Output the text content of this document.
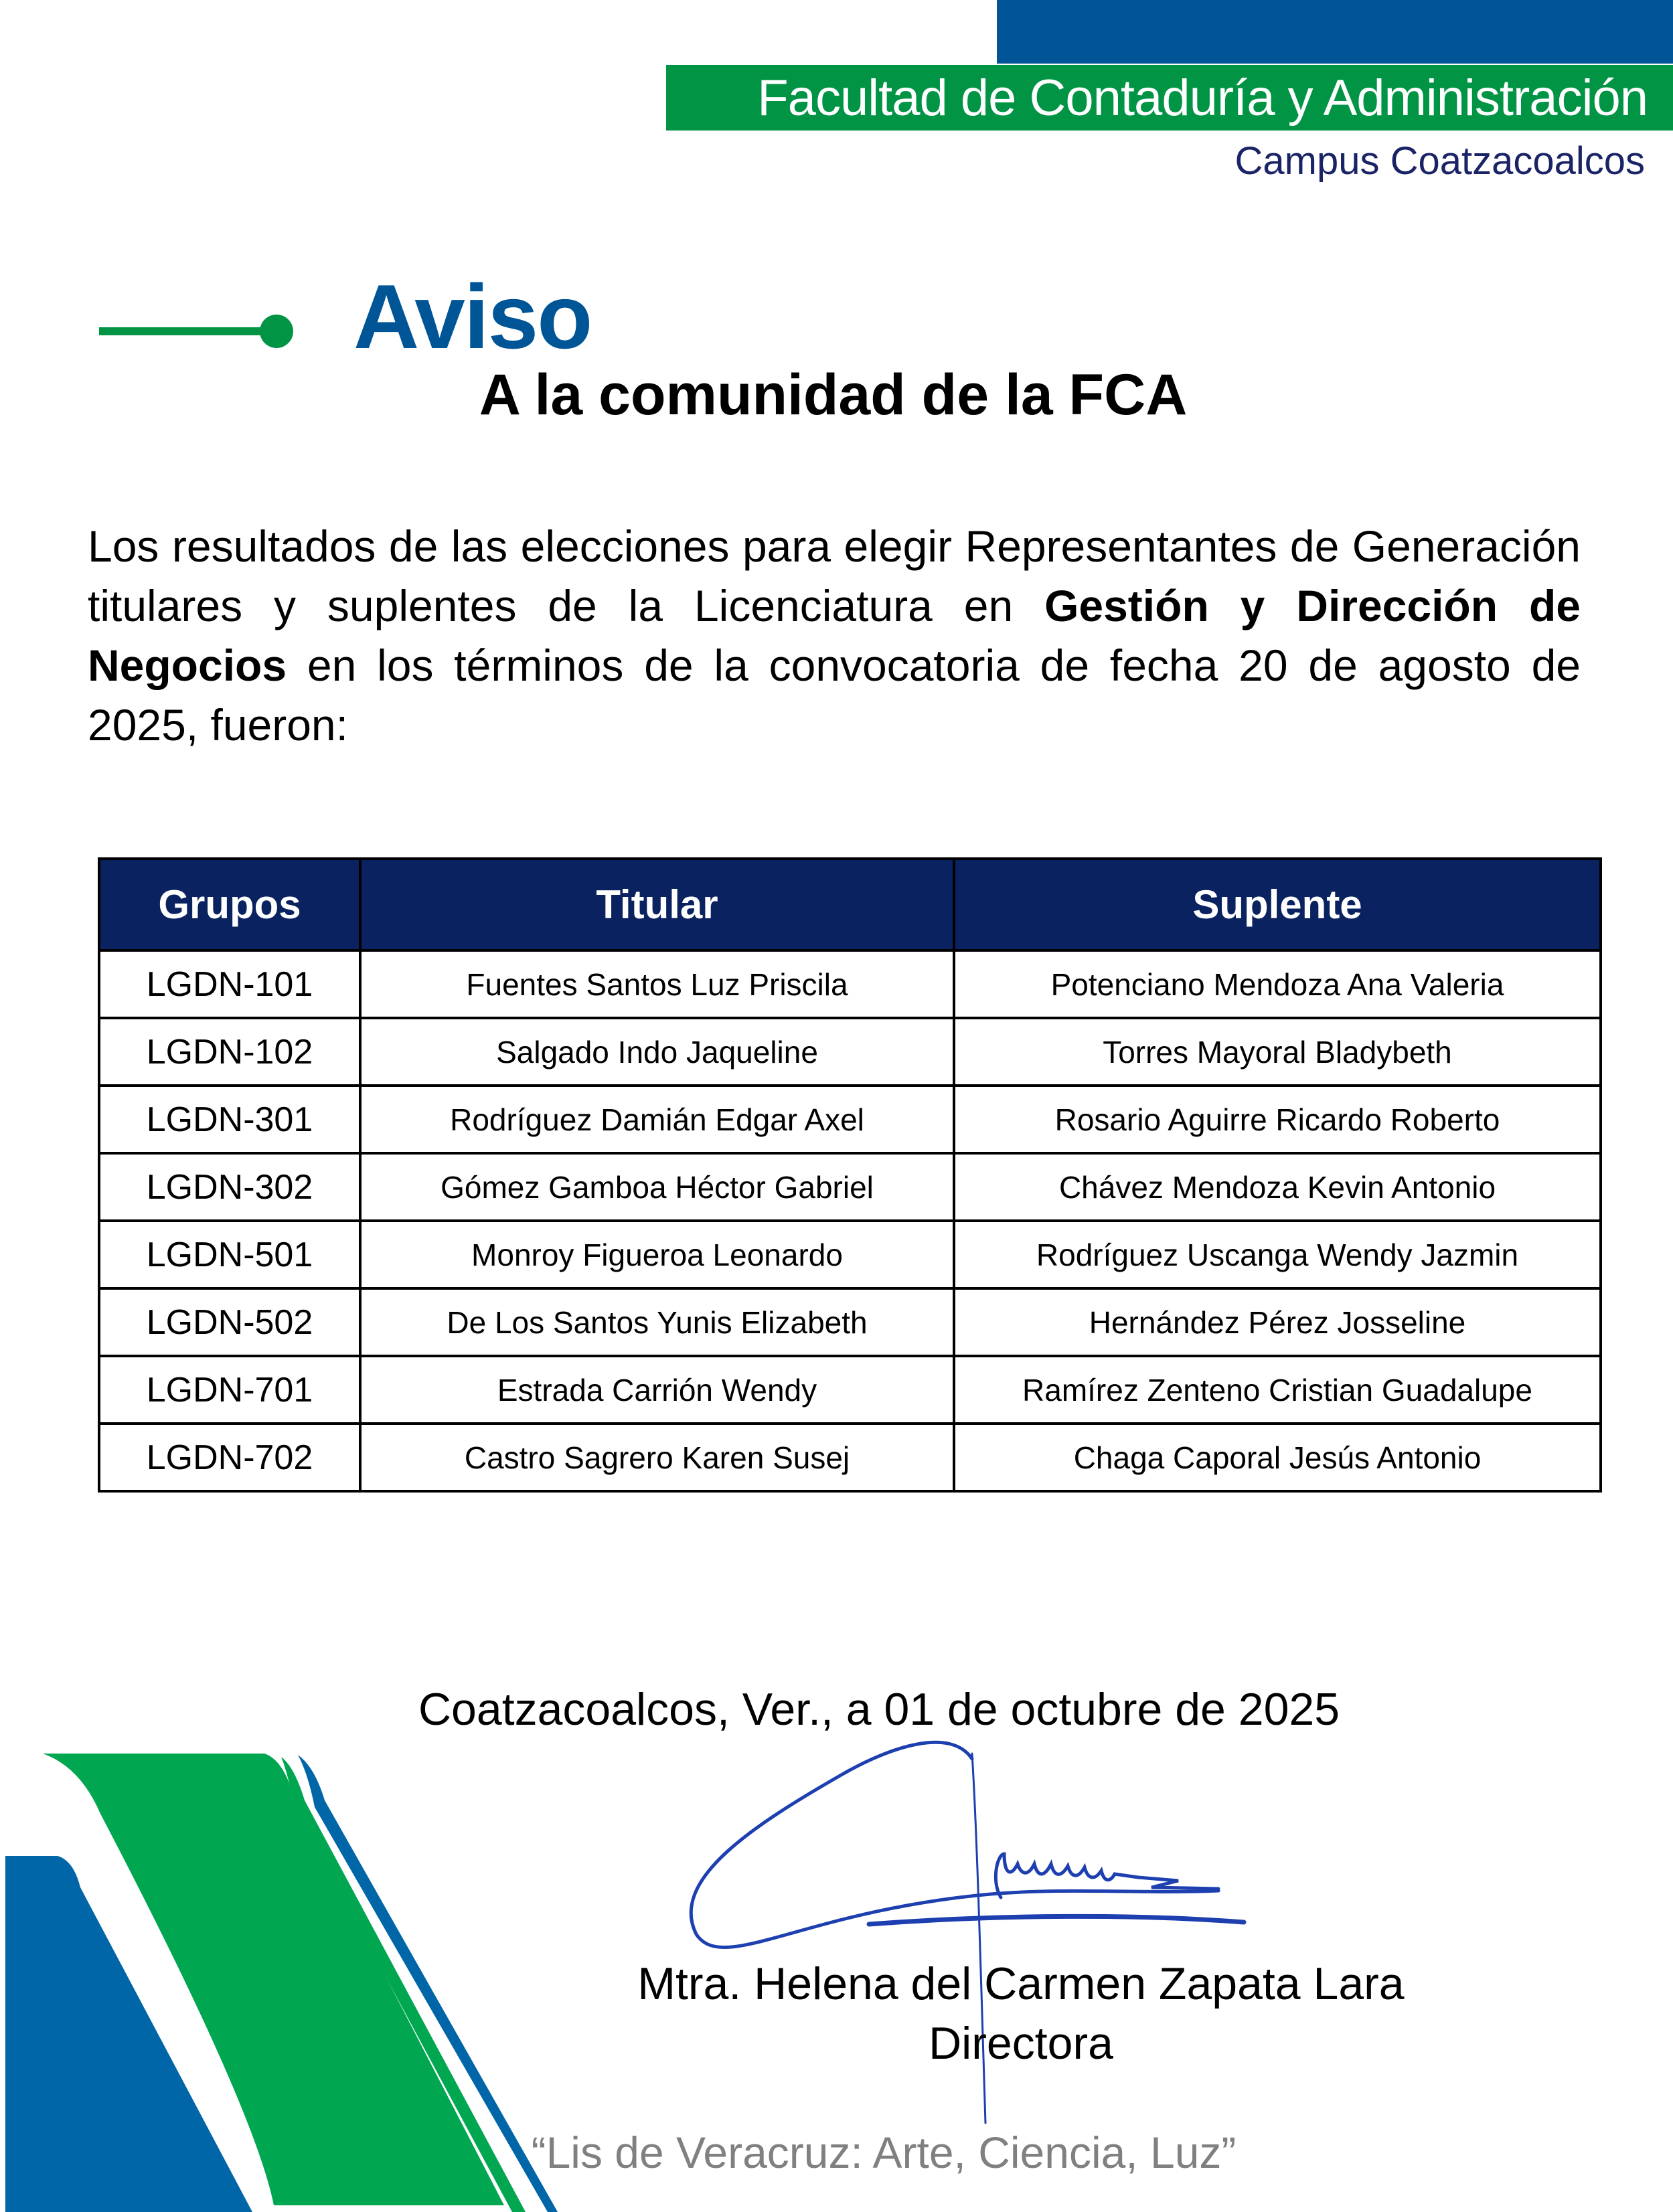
Facultad de Contaduría y Administración
Campus Coatzacoalcos
Aviso
A la comunidad de la FCA
Los resultados de las elecciones para elegir Representantes de Generación titulares y suplentes de la Licenciatura en Gestión y Dirección de Negocios en los términos de la convocatoria de fecha 20 de agosto de 2025, fueron:
Grupos	Titular	Suplente
LGDN-101	Fuentes Santos Luz Priscila	Potenciano Mendoza Ana Valeria
LGDN-102	Salgado Indo Jaqueline	Torres Mayoral Bladybeth
LGDN-301	Rodríguez Damián Edgar Axel	Rosario Aguirre Ricardo Roberto
LGDN-302	Gómez Gamboa Héctor Gabriel	Chávez Mendoza Kevin Antonio
LGDN-501	Monroy Figueroa Leonardo	Rodríguez Uscanga Wendy Jazmin
LGDN-502	De Los Santos Yunis Elizabeth	Hernández Pérez Josseline
LGDN-701	Estrada Carrión Wendy	Ramírez Zenteno Cristian Guadalupe
LGDN-702	Castro Sagrero Karen Susej	Chaga Caporal Jesús Antonio
Coatzacoalcos, Ver., a 01 de octubre de 2025
Mtra. Helena del Carmen Zapata Lara
Directora
“Lis de Veracruz: Arte, Ciencia, Luz”
